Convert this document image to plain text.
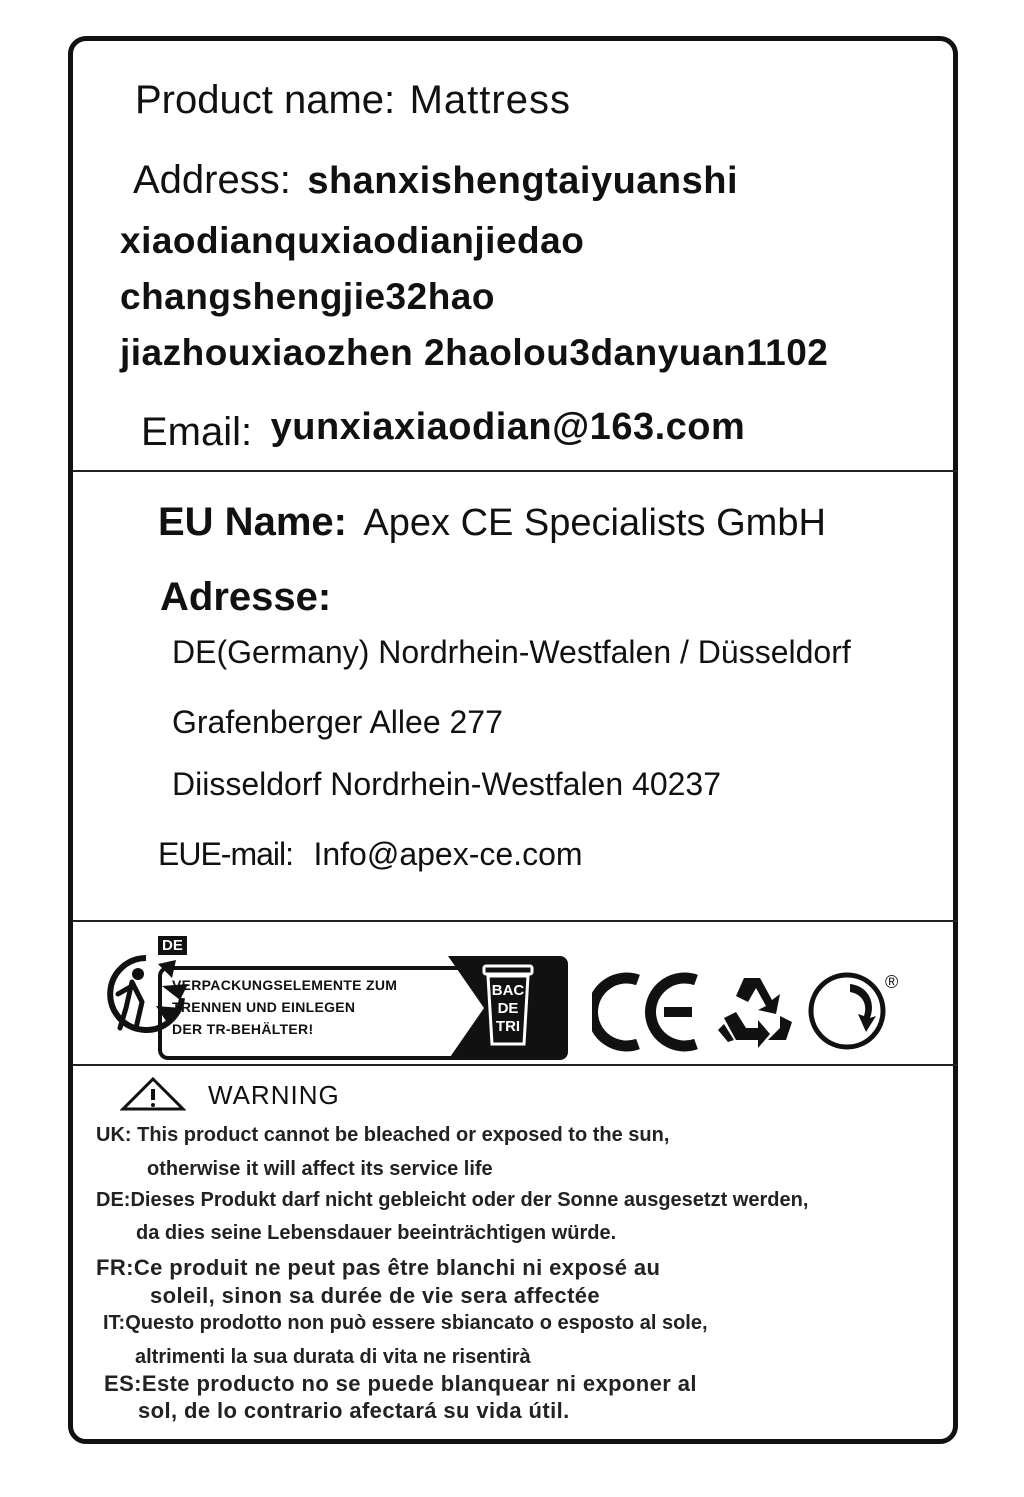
Product name: Mattress
Address: shanxishengtaiyuanshi
xiaodianquxiaodianjiedao
changshengjie32hao
jiazhouxiaozhen 2haolou3danyuan1102
Email: yunxiaxiaodian@163.com
EU Name: Apex CE Specialists GmbH
Adresse:
DE(Germany) Nordrhein-Westfalen / Düsseldorf
Grafenberger Allee 277
Diisseldorf Nordrhein-Westfalen 40237
EUE-mail: Info@apex-ce.com
DE
VERPACKUNGSELEMENTE ZUM
TRENNEN UND EINLEGEN
DER TR-BEHÄLTER!
BAC
DE
TRI
®
WARNING
UK: This product cannot be bleached or exposed to the sun,
otherwise it will affect its service life
DE:Dieses Produkt darf nicht gebleicht oder der Sonne ausgesetzt werden,
da dies seine Lebensdauer beeinträchtigen würde.
FR:Ce produit ne peut pas être blanchi ni exposé au
soleil, sinon sa durée de vie sera affectée
IT:Questo prodotto non può essere sbiancato o esposto al sole,
altrimenti la sua durata di vita ne risentirà
ES:Este producto no se puede blanquear ni exponer al
sol, de lo contrario afectará su vida útil.
